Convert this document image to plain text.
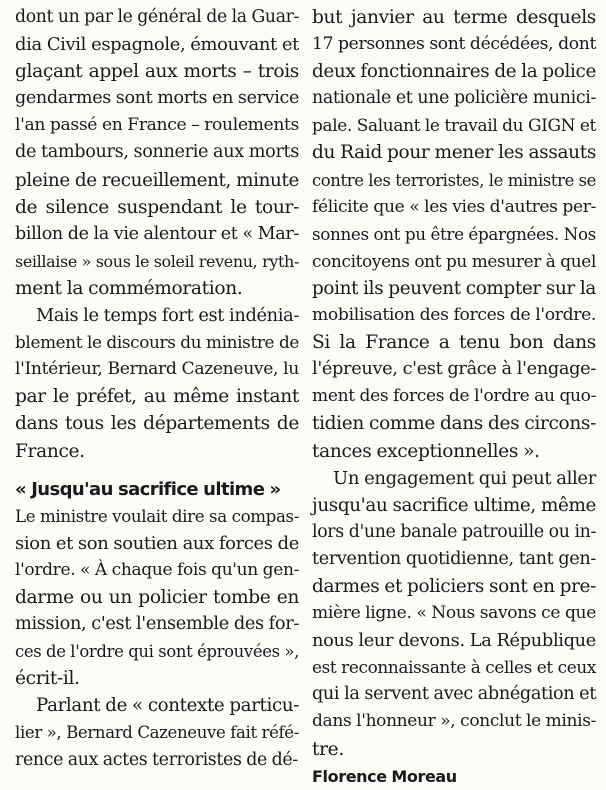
dont un par le général de la Guar-
dia Civil espagnole, émouvant et
glaçant appel aux morts – trois
gendarmes sont morts en service
l'an passé en France – roulements
de tambours, sonnerie aux morts
pleine de recueillement, minute
de silence suspendant le tour-
billon de la vie alentour et « Mar-
seillaise » sous le soleil revenu, ryth-
ment la commémoration.
Mais le temps fort est indénia-
blement le discours du ministre de
l'Intérieur, Bernard Cazeneuve, lu
par le préfet, au même instant
dans tous les départements de
France.
« Jusqu'au sacrifice ultime »
Le ministre voulait dire sa compas-
sion et son soutien aux forces de
l'ordre. « À chaque fois qu'un gen-
darme ou un policier tombe en
mission, c'est l'ensemble des for-
ces de l'ordre qui sont éprouvées »,
écrit-il.
Parlant de « contexte particu-
lier », Bernard Cazeneuve fait réfé-
rence aux actes terroristes de dé-
but janvier au terme desquels
17 personnes sont décédées, dont
deux fonctionnaires de la police
nationale et une policière munici-
pale. Saluant le travail du GIGN et
du Raid pour mener les assauts
contre les terroristes, le ministre se
félicite que « les vies d'autres per-
sonnes ont pu être épargnées. Nos
concitoyens ont pu mesurer à quel
point ils peuvent compter sur la
mobilisation des forces de l'ordre.
Si la France a tenu bon dans
l'épreuve, c'est grâce à l'engage-
ment des forces de l'ordre au quo-
tidien comme dans des circons-
tances exceptionnelles ».
Un engagement qui peut aller
jusqu'au sacrifice ultime, même
lors d'une banale patrouille ou in-
tervention quotidienne, tant gen-
darmes et policiers sont en pre-
mière ligne. « Nous savons ce que
nous leur devons. La République
est reconnaissante à celles et ceux
qui la servent avec abnégation et
dans l'honneur », conclut le minis-
tre.
Florence Moreau
